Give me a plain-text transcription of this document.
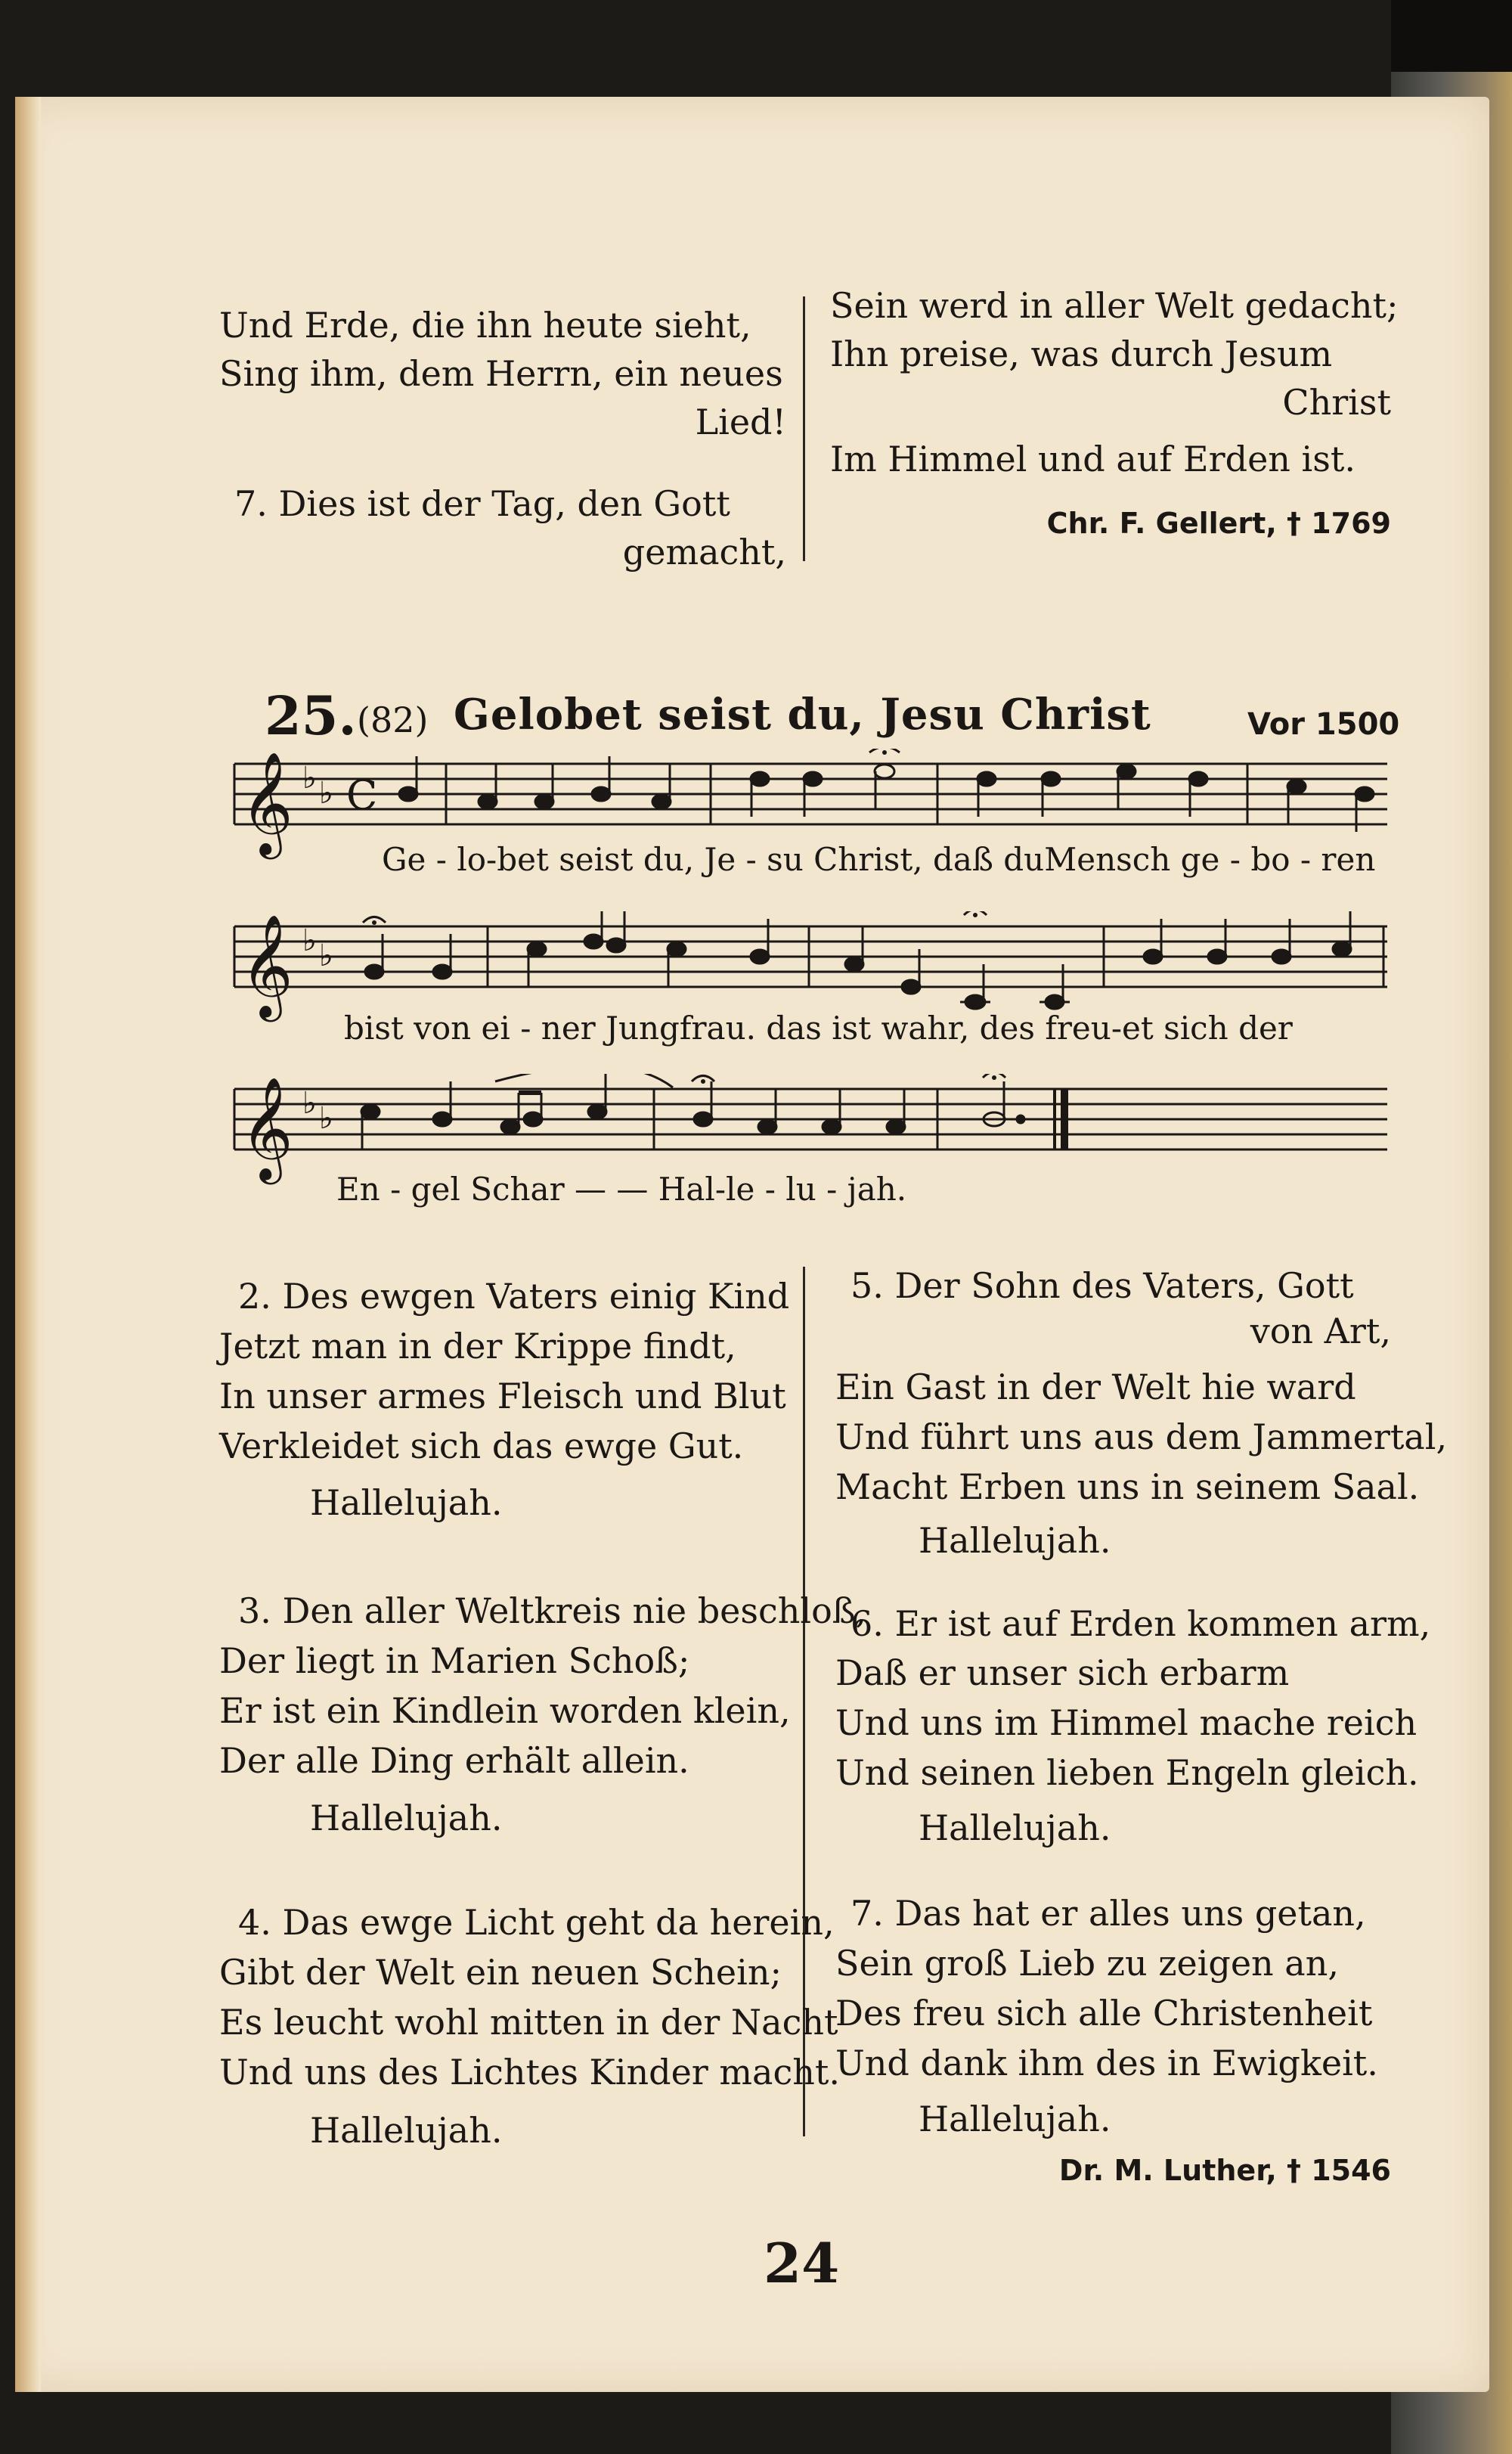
Und Erde, die ihn heute sieht,
Sing ihm, dem Herrn, ein neues
Lied!
7. Dies ist der Tag, den Gott
gemacht,
Sein werd in aller Welt gedacht;
Ihn preise, was durch Jesum
Christ
Im Himmel und auf Erden ist.
Chr. F. Gellert, † 1769
25. (82) Gelobet seist du, Jesu Christ	Vor 1500
𝄞 ♭ ♭ C
Ge - lo-bet seist du, Je - su Christ, daß duMensch ge - bo - ren
𝄞 ♭ ♭
bist von ei - ner Jungfrau. das ist wahr, des freu-et sich der
𝄞 ♭ ♭
En - gel Schar — — Hal-le - lu - jah.
2. Des ewgen Vaters einig Kind
Jetzt man in der Krippe findt,
In unser armes Fleisch und Blut
Verkleidet sich das ewge Gut.
Hallelujah.
3. Den aller Weltkreis nie beschloß,
Der liegt in Marien Schoß;
Er ist ein Kindlein worden klein,
Der alle Ding erhält allein.
Hallelujah.
4. Das ewge Licht geht da herein,
Gibt der Welt ein neuen Schein;
Es leucht wohl mitten in der Nacht
Und uns des Lichtes Kinder macht.
Hallelujah.
5. Der Sohn des Vaters, Gott
von Art,
Ein Gast in der Welt hie ward
Und führt uns aus dem Jammertal,
Macht Erben uns in seinem Saal.
Hallelujah.
6. Er ist auf Erden kommen arm,
Daß er unser sich erbarm
Und uns im Himmel mache reich
Und seinen lieben Engeln gleich.
Hallelujah.
7. Das hat er alles uns getan,
Sein groß Lieb zu zeigen an,
Des freu sich alle Christenheit
Und dank ihm des in Ewigkeit.
Hallelujah.
Dr. M. Luther, † 1546
24
